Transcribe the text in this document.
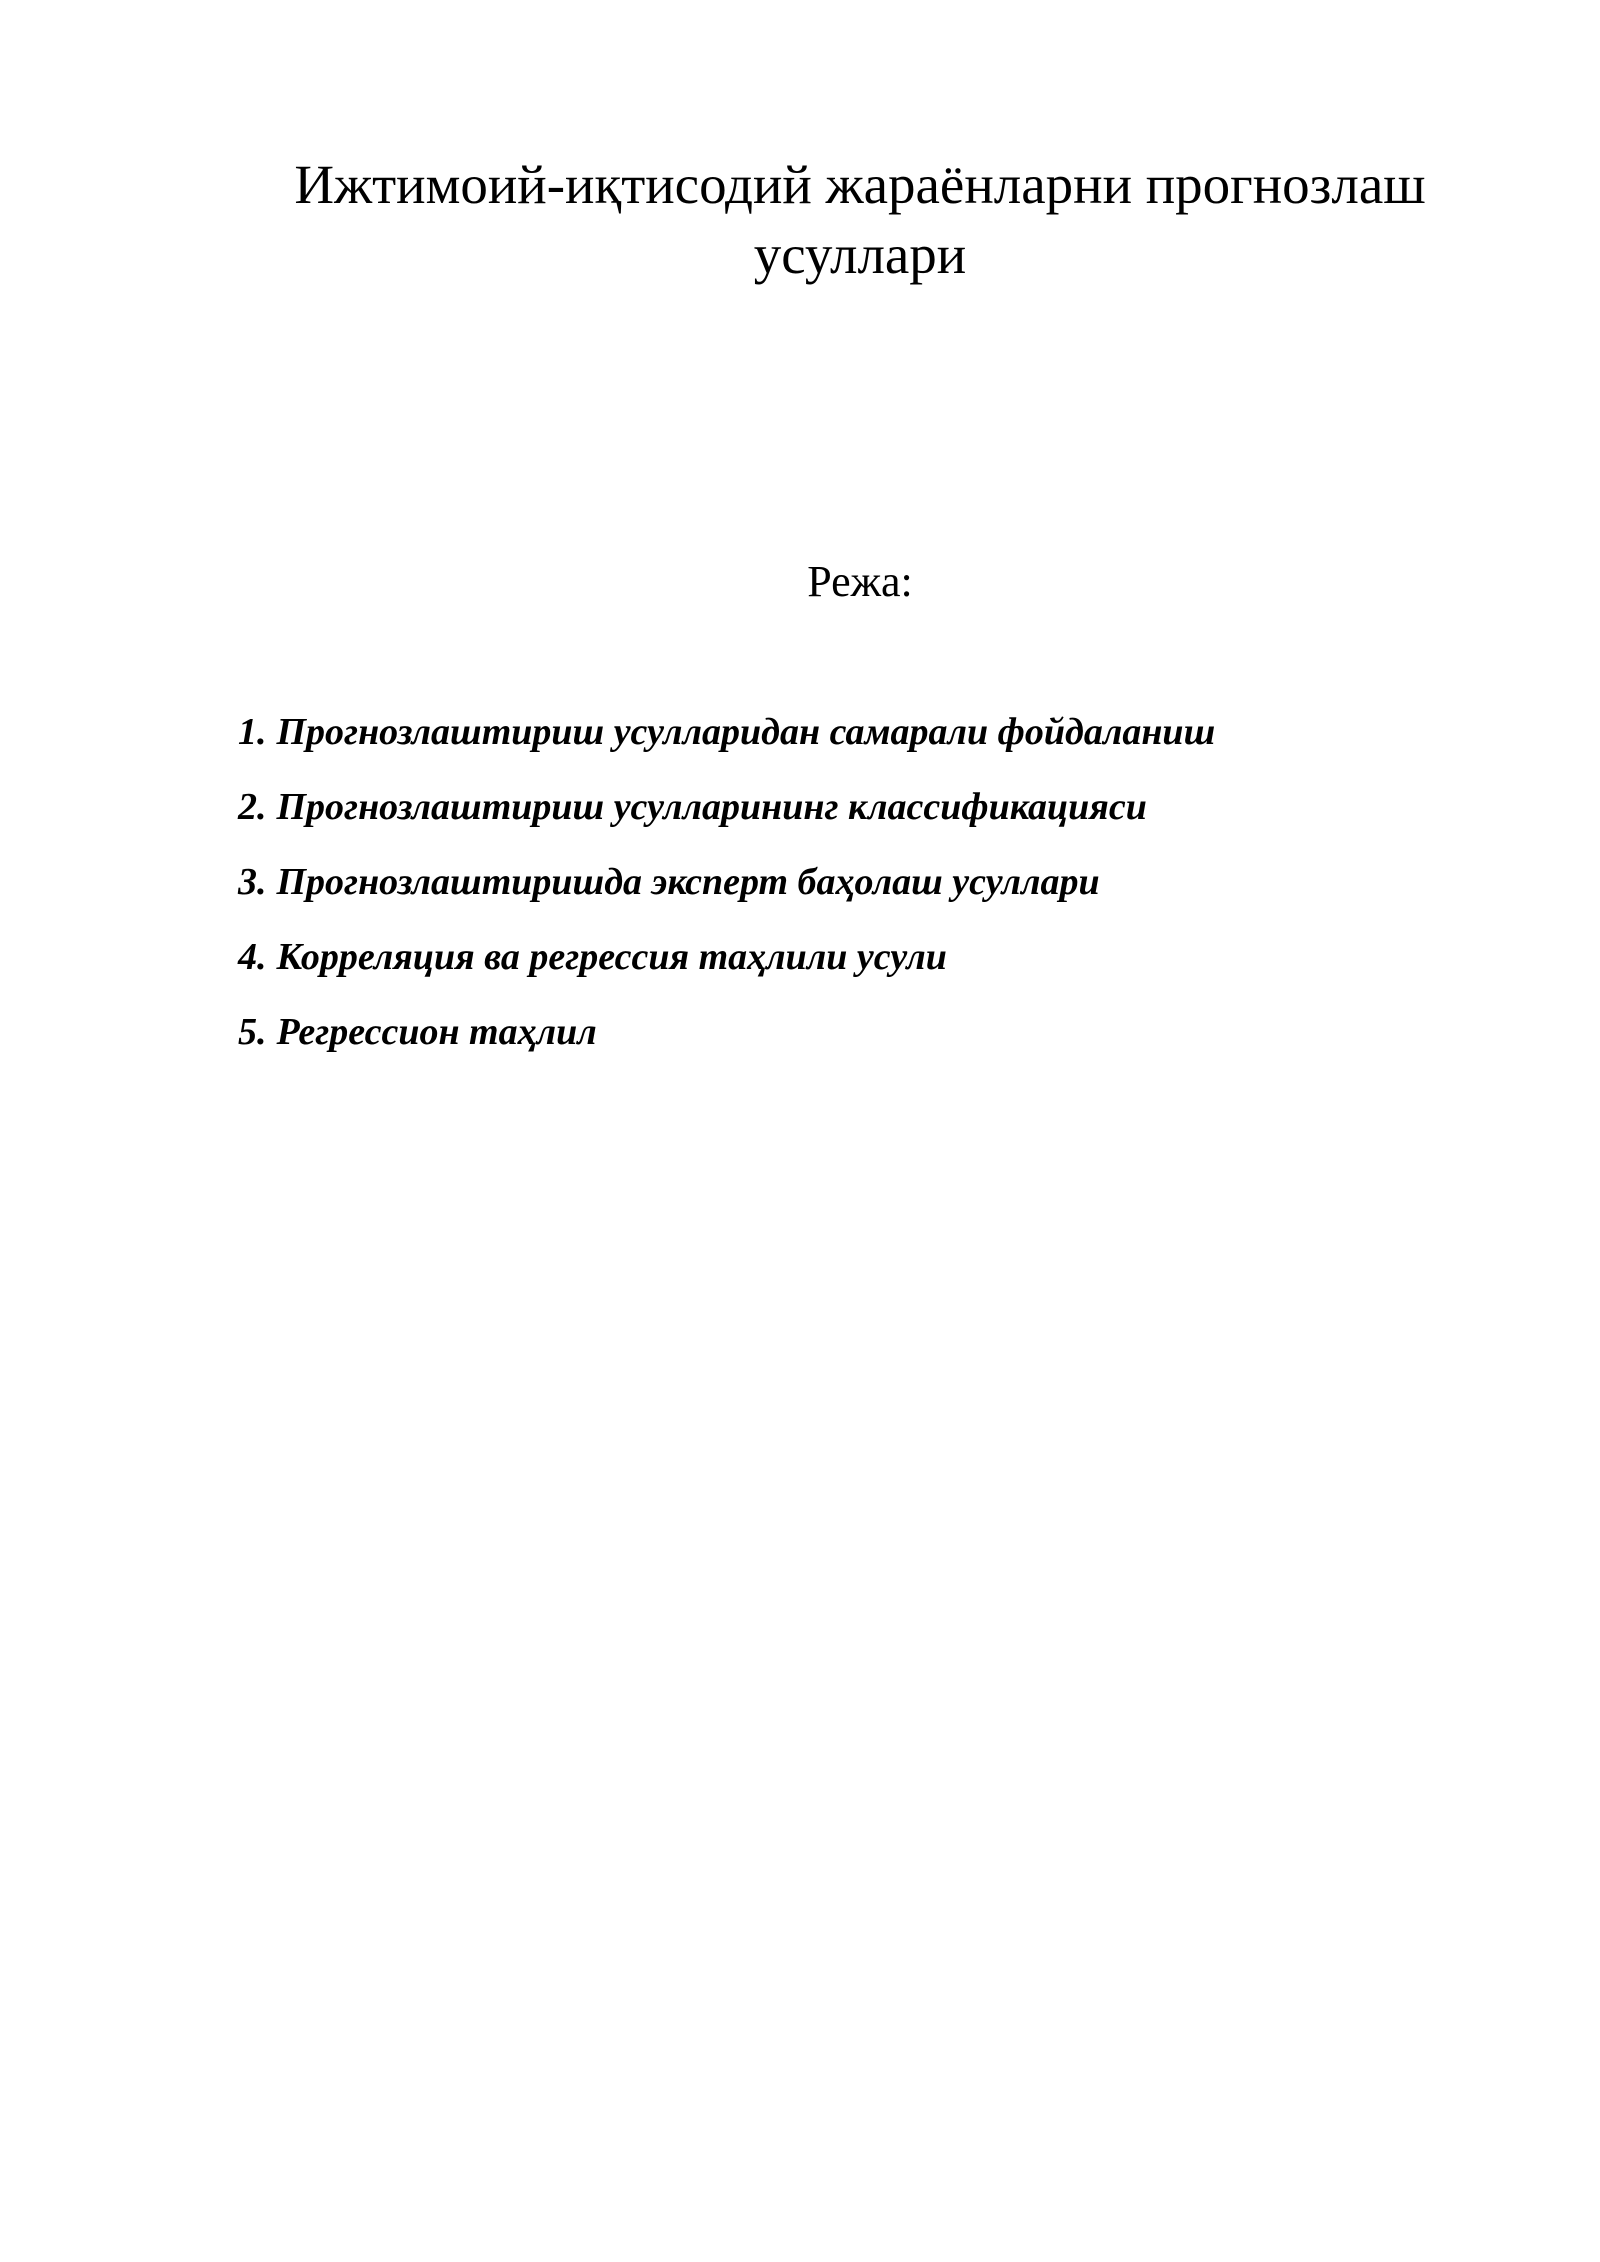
Ижтимоий-иқтисодий жараёнларни прогнозлаш
усуллари
Режа:
1. Прогнозлаштириш усулларидан самарали фойдаланиш
2. Прогнозлаштириш усулларининг классификацияси
3. Прогнозлаштиришда эксперт баҳолаш усуллари
4. Корреляция ва регрессия таҳлили усули
5. Регрессион таҳлил
